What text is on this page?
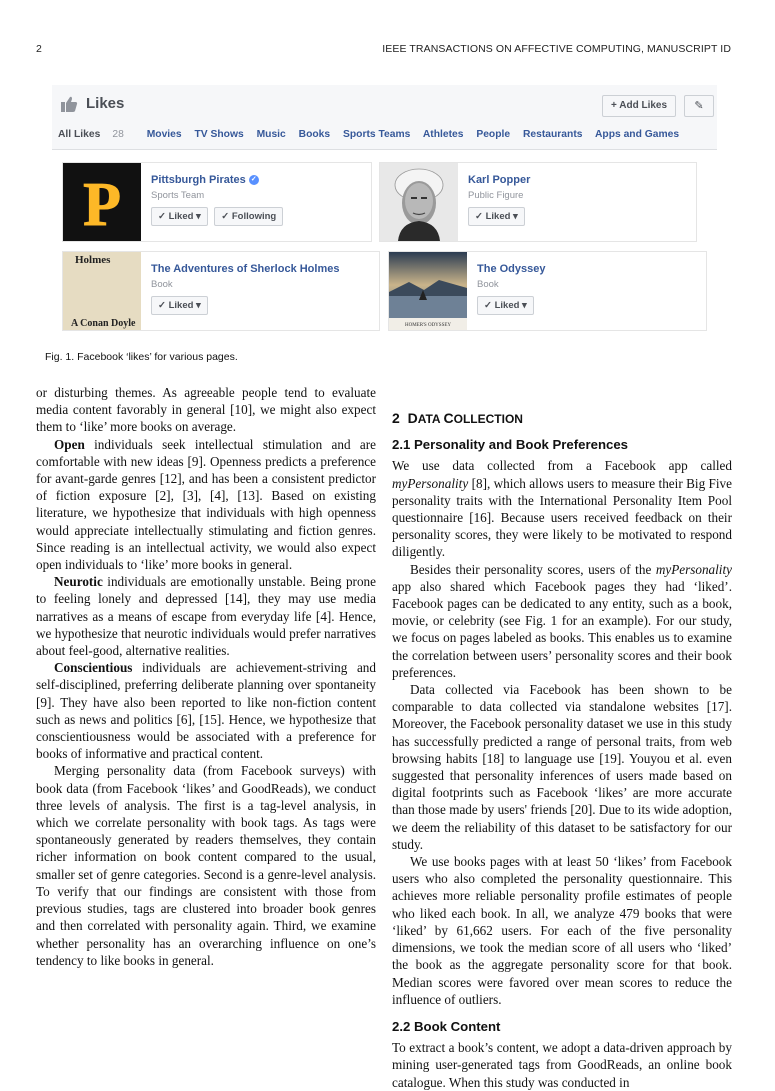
2	IEEE TRANSACTIONS ON AFFECTIVE COMPUTING, MANUSCRIPT ID
Likes	+ Add Likes	✎
All Likes 28 Movies TV Shows Music Books Sports Teams Athletes People Restaurants Apps and Games
P	Pittsburgh Pirates ✓
Sports Team
✓ Liked ▾ ✓ Following
Karl Popper
Public Figure
✓ Liked ▾
Holmes
A Conan Doyle
The Adventures of Sherlock Holmes
Book
✓ Liked ▾
HOMER'S ODYSSEY
The Odyssey
Book
✓ Liked ▾
Fig. 1. Facebook ‘likes’ for various pages.

or disturbing themes. As agreeable people tend to evaluate media content favorably in general [10], we might also expect them to ‘like’ more books on average.

Open individuals seek intellectual stimulation and are comfortable with new ideas [9]. Openness predicts a preference for avant-garde genres [12], and has been a consistent predictor of fiction exposure [2], [3], [4], [13]. Based on existing literature, we hypothesize that individuals with high openness would appreciate intellectually stimulating and fiction genres. Since reading is an intellectual activity, we would also expect open individuals to ‘like’ more books in general.

Neurotic individuals are emotionally unstable. Being prone to feeling lonely and depressed [14], they may use media narratives as a means of escape from everyday life [4]. Hence, we hypothesize that neurotic individuals would prefer narratives about feel-good, alternative realities.

Conscientious individuals are achievement-striving and self-disciplined, preferring deliberate planning over spontaneity [9]. They have also been reported to like non-fiction content such as news and politics [6], [15]. Hence, we hypothesize that conscientiousness would be associated with a preference for books of informative and practical content.

Merging personality data (from Facebook surveys) with book data (from Facebook ‘likes’ and GoodReads), we conduct three levels of analysis. The first is a tag-level analysis, in which we correlate personality with book tags. As tags were spontaneously generated by readers themselves, they contain richer information on book content compared to the usual, smaller set of genre categories. Second is a genre-level analysis. To verify that our findings are consistent with those from previous studies, tags are clustered into broader book genres and then correlated with personality again. Third, we examine whether personality has an overarching influence on one’s tendency to like books in general.

2 DATA COLLECTION
2.1 Personality and Book Preferences

We use data collected from a Facebook app called myPersonality [8], which allows users to measure their Big Five personality traits with the International Personality Item Pool questionnaire [16]. Because users received feedback on their personality scores, they were likely to be motivated to respond diligently.

Besides their personality scores, users of the myPersonality app also shared which Facebook pages they had ‘liked’. Facebook pages can be dedicated to any entity, such as a book, movie, or celebrity (see Fig. 1 for an example). For our study, we focus on pages labeled as books. This enables us to examine the correlation between users’ personality scores and their book preferences.

Data collected via Facebook has been shown to be comparable to data collected via standalone websites [17]. Moreover, the Facebook personality dataset we use in this study has successfully predicted a range of personal traits, from web browsing habits [18] to language use [19]. Youyou et al. even suggested that personality inferences of users made based on digital footprints such as Facebook ‘likes’ are more accurate than those made by users' friends [20]. Due to its wide adoption, we deem the reliability of this dataset to be satisfactory for our study.

We use books pages with at least 50 ‘likes’ from Facebook users who also completed the personality questionnaire. This achieves more reliable personality profile estimates of people who liked each book. In all, we analyze 479 books that were ‘liked’ by 61,662 users. For each of the five personality dimensions, we took the median score of all users who ‘liked’ the book as the aggregate personality score for that book. Median scores were favored over mean scores to reduce the influence of outliers.

2.2 Book Content

To extract a book’s content, we adopt a data-driven approach by mining user-generated tags from GoodReads, an online book catalogue. When this study was conducted in
